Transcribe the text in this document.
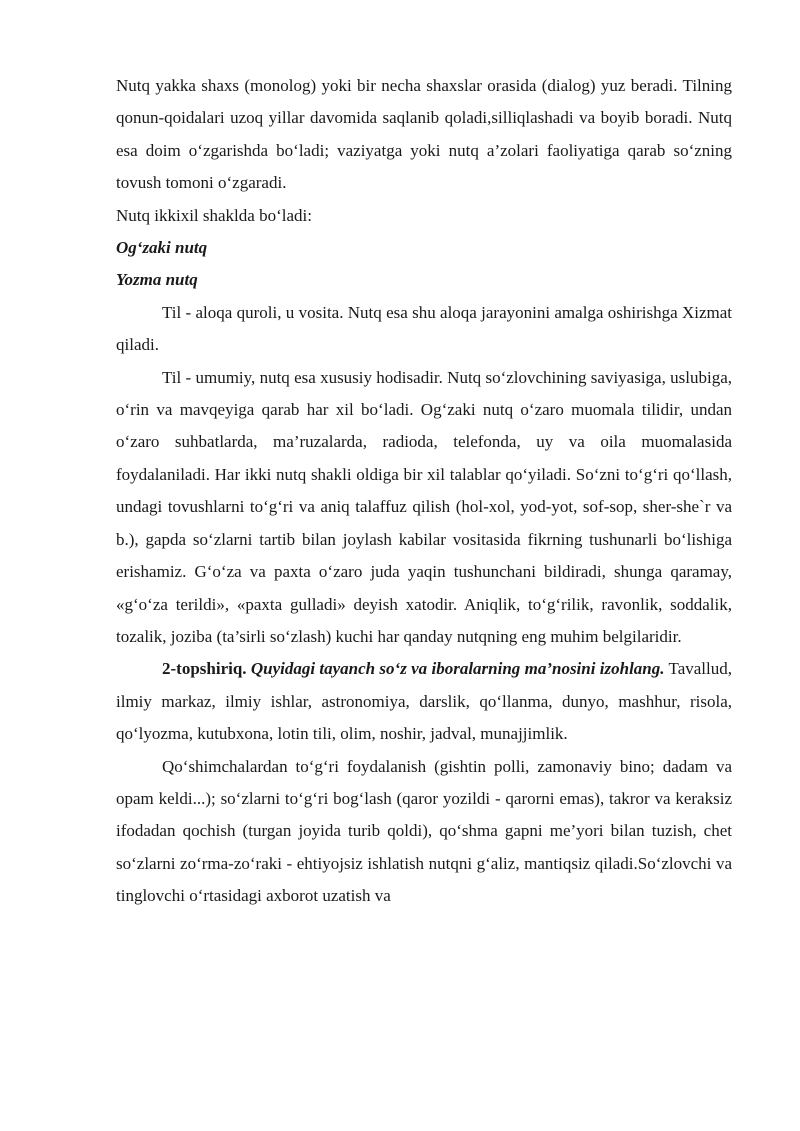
Nutq yakka shaxs (monolog) yoki bir necha shaxslar orasida (dialog) yuz beradi. Tilning qonun-qoidalari uzoq yillar davomida saqlanib qoladi,silliqlashadi va boyib boradi. Nutq esa doim o‘zgarishda bo‘ladi; vaziyatga yoki nutq a’zolari faoliyatiga qarab so‘zning tovush tomoni o‘zgaradi.

Nutq ikkixil shaklda bo‘ladi:

Og‘zaki nutq

Yozma nutq

Til - aloqa quroli, u vosita. Nutq esa shu aloqa jarayonini amalga oshirishga Xizmat qiladi.

Til - umumiy, nutq esa xususiy hodisadir. Nutq so‘zlovchining saviyasiga, uslubiga, o‘rin va mavqeyiga qarab har xil bo‘ladi. Og‘zaki nutq o‘zaro muomala tilidir, undan o‘zaro suhbatlarda, ma’ruzalarda, radioda, telefonda, uy va oila muomalasida foydalaniladi. Har ikki nutq shakli oldiga bir xil talablar qo‘yiladi. So‘zni to‘g‘ri qo‘llash, undagi tovushlarni to‘g‘ri va aniq talaffuz qilish (hol-xol, yod-yot, sof-sop, sher-she`r va b.), gapda so‘zlarni tartib bilan joylash kabilar vositasida fikrning tushunarli bo‘lishiga erishamiz. G‘o‘za va paxta o‘zaro juda yaqin tushunchani bildiradi, shunga qaramay, «g‘o‘za terildi», «paxta gulladi» deyish xatodir. Aniqlik, to‘g‘rilik, ravonlik, soddalik, tozalik, joziba (ta’sirli so‘zlash) kuchi har qanday nutqning eng muhim belgilaridir.

2-topshiriq. Quyidagi tayanch so‘z va iboralarning ma’nosini izohlang. Tavallud, ilmiy markaz, ilmiy ishlar, astronomiya, darslik, qo‘llanma, dunyo, mashhur, risola, qo‘lyozma, kutubxona, lotin tili, olim, noshir, jadval, munajjimlik.

Qo‘shimchalardan to‘g‘ri foydalanish (gishtin polli, zamonaviy bino; dadam va opam keldi...); so‘zlarni to‘g‘ri bog‘lash (qaror yozildi - qarorni emas), takror va keraksiz ifodadan qochish (turgan joyida turib qoldi), qo‘shma gapni me’yori bilan tuzish, chet so‘zlarni zo‘rma-zo‘raki - ehtiyojsiz ishlatish nutqni g‘aliz, mantiqsiz qiladi.So‘zlovchi va tinglovchi o‘rtasidagi axborot uzatish va
